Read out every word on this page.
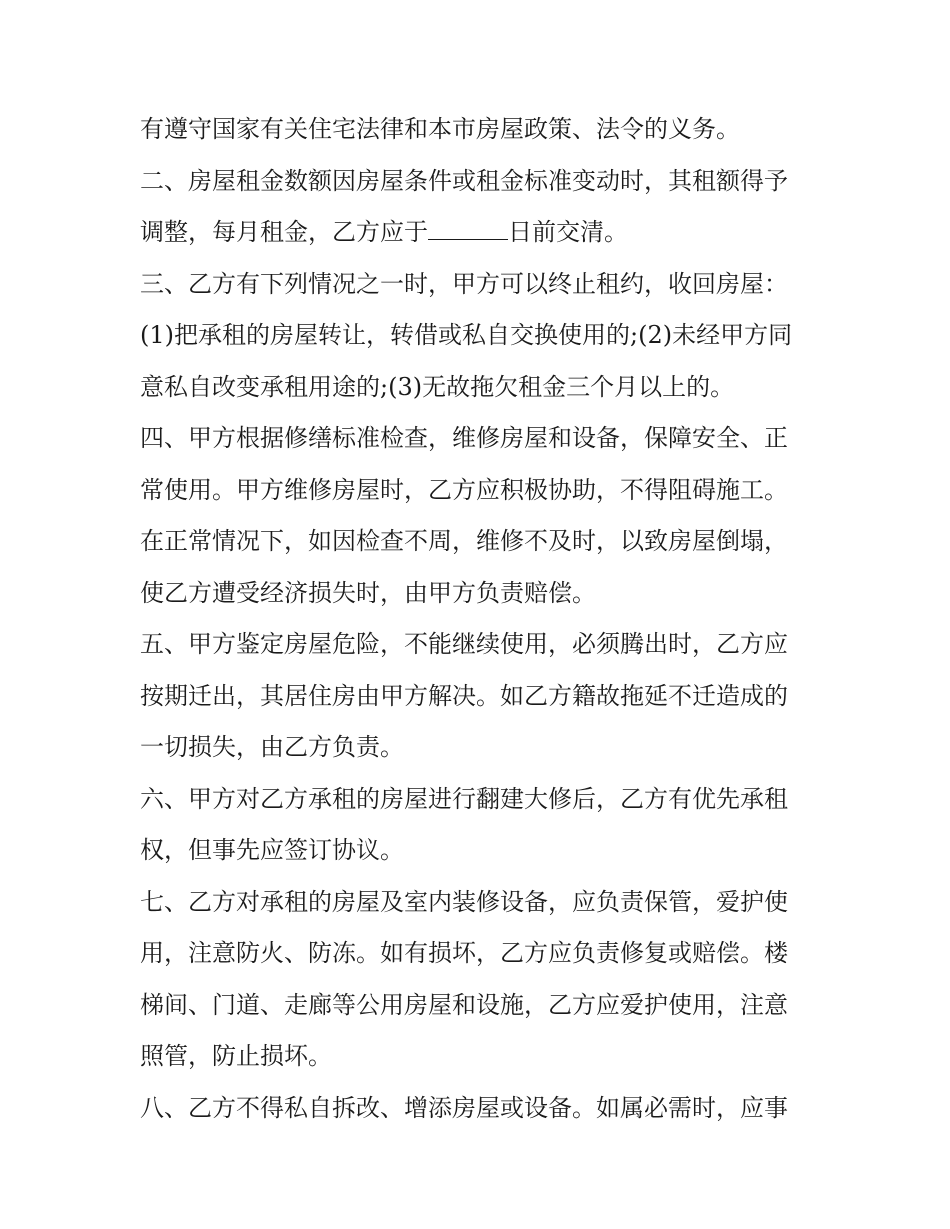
有遵守国家有关住宅法律和本市房屋政策、法令的义务。
二、房屋租金数额因房屋条件或租金标准变动时，其租额得予
调整，每月租金，乙方应于	日前交清。
三、乙方有下列情况之一时，甲方可以终止租约，收回房屋：
(1)把承租的房屋转让，转借或私自交换使用的;(2)未经甲方同
意私自改变承租用途的;(3)无故拖欠租金三个月以上的。
四、甲方根据修缮标准检查，维修房屋和设备，保障安全、正
常使用。甲方维修房屋时，乙方应积极协助，不得阻碍施工。
在正常情况下，如因检查不周，维修不及时，以致房屋倒塌，
使乙方遭受经济损失时，由甲方负责赔偿。
五、甲方鉴定房屋危险，不能继续使用，必须腾出时，乙方应
按期迁出，其居住房由甲方解决。如乙方籍故拖延不迁造成的
一切损失，由乙方负责。
六、甲方对乙方承租的房屋进行翻建大修后，乙方有优先承租
权，但事先应签订协议。
七、乙方对承租的房屋及室内装修设备，应负责保管，爱护使
用，注意防火、防冻。如有损坏，乙方应负责修复或赔偿。楼
梯间、门道、走廊等公用房屋和设施，乙方应爱护使用，注意
照管，防止损坏。
八、乙方不得私自拆改、增添房屋或设备。如属必需时，应事
